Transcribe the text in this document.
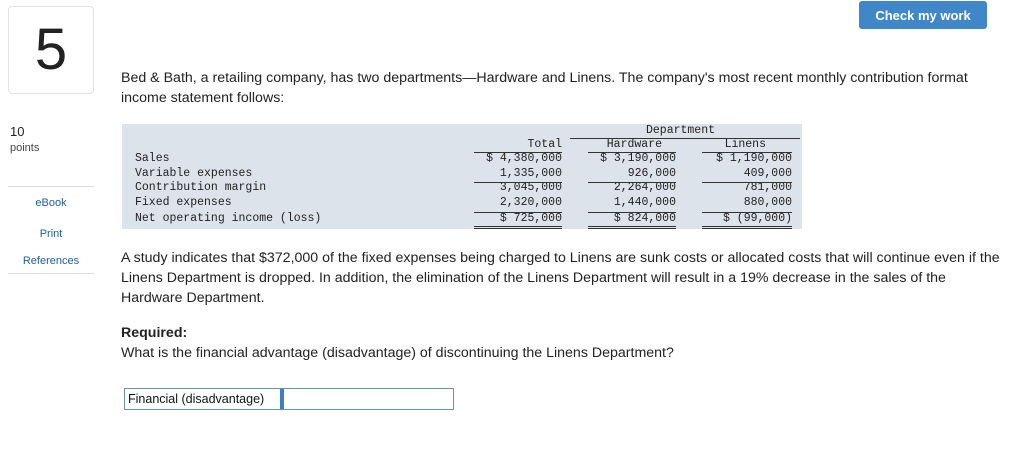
5
10
points
eBook
Print
References
Check my work
Bed & Bath, a retailing company, has two departments—Hardware and Linens. The company's most recent monthly contribution format income statement follows:
Department
Total	Hardware	Linens
Sales
Variable expenses
Contribution margin
Fixed expenses
Net operating income (loss)
$ 4,380,000
1,335,000
3,045,000
2,320,000
$ 725,000
$ 3,190,000
926,000
2,264,000
1,440,000
$ 824,000
$ 1,190,000
409,000
781,000
880,000
$ (99,000)
A study indicates that $372,000 of the fixed expenses being charged to Linens are sunk costs or allocated costs that will continue even if the Linens Department is dropped. In addition, the elimination of the Linens Department will result in a 19% decrease in the sales of the Hardware Department.
Required:
What is the financial advantage (disadvantage) of discontinuing the Linens Department?
Financial (disadvantage)
